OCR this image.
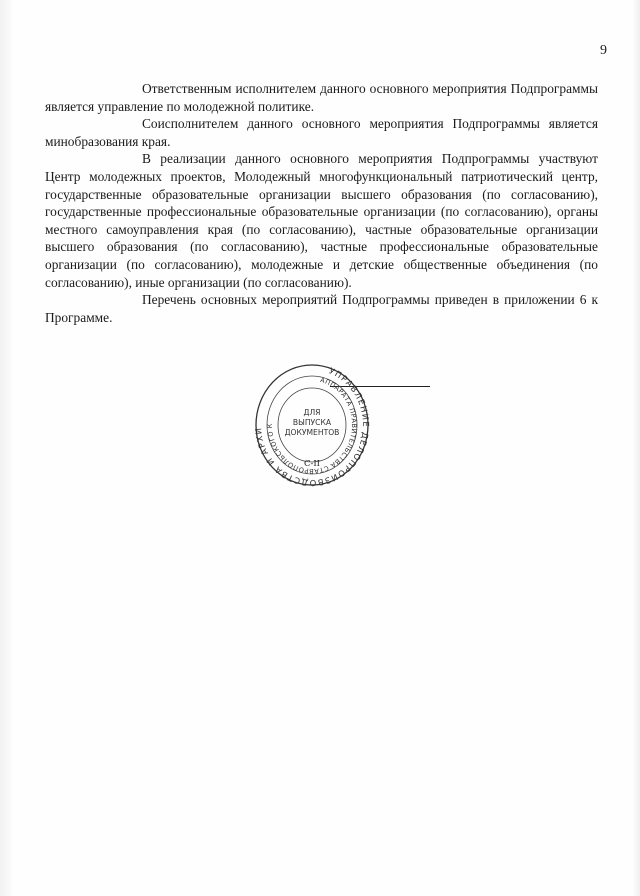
9

Ответственным исполнителем данного основного мероприятия Подпрограммы является управление по молодежной политике.

Соисполнителем данного основного мероприятия Подпрограммы является минобразования края.

В реализации данного основного мероприятия Подпрограммы участвуют Центр молодежных проектов, Молодежный многофункциональный патриотический центр, государственные образовательные организации высшего образования (по согласованию), государственные профессиональные образовательные организации (по согласованию), органы местного самоуправления края (по согласованию), частные образовательные организации высшего образования (по согласованию), частные профессиональные образовательные организации (по согласованию), молодежные и детские общественные объединения (по согласованию), иные организации (по согласованию).

Перечень основных мероприятий Подпрограммы приведен в приложении 6 к Программе.

УПРАВЛЕНИ ДЕЛОПРОИЗВОДСТВА И АРХИ
АППАРАТА ПРАВИТЕЛЬСТВА СТАВРОПОЛЬСКОГО К
ДЛЯ
ВЫПУСКА
ДОКУМЕНТОВ
С-II
